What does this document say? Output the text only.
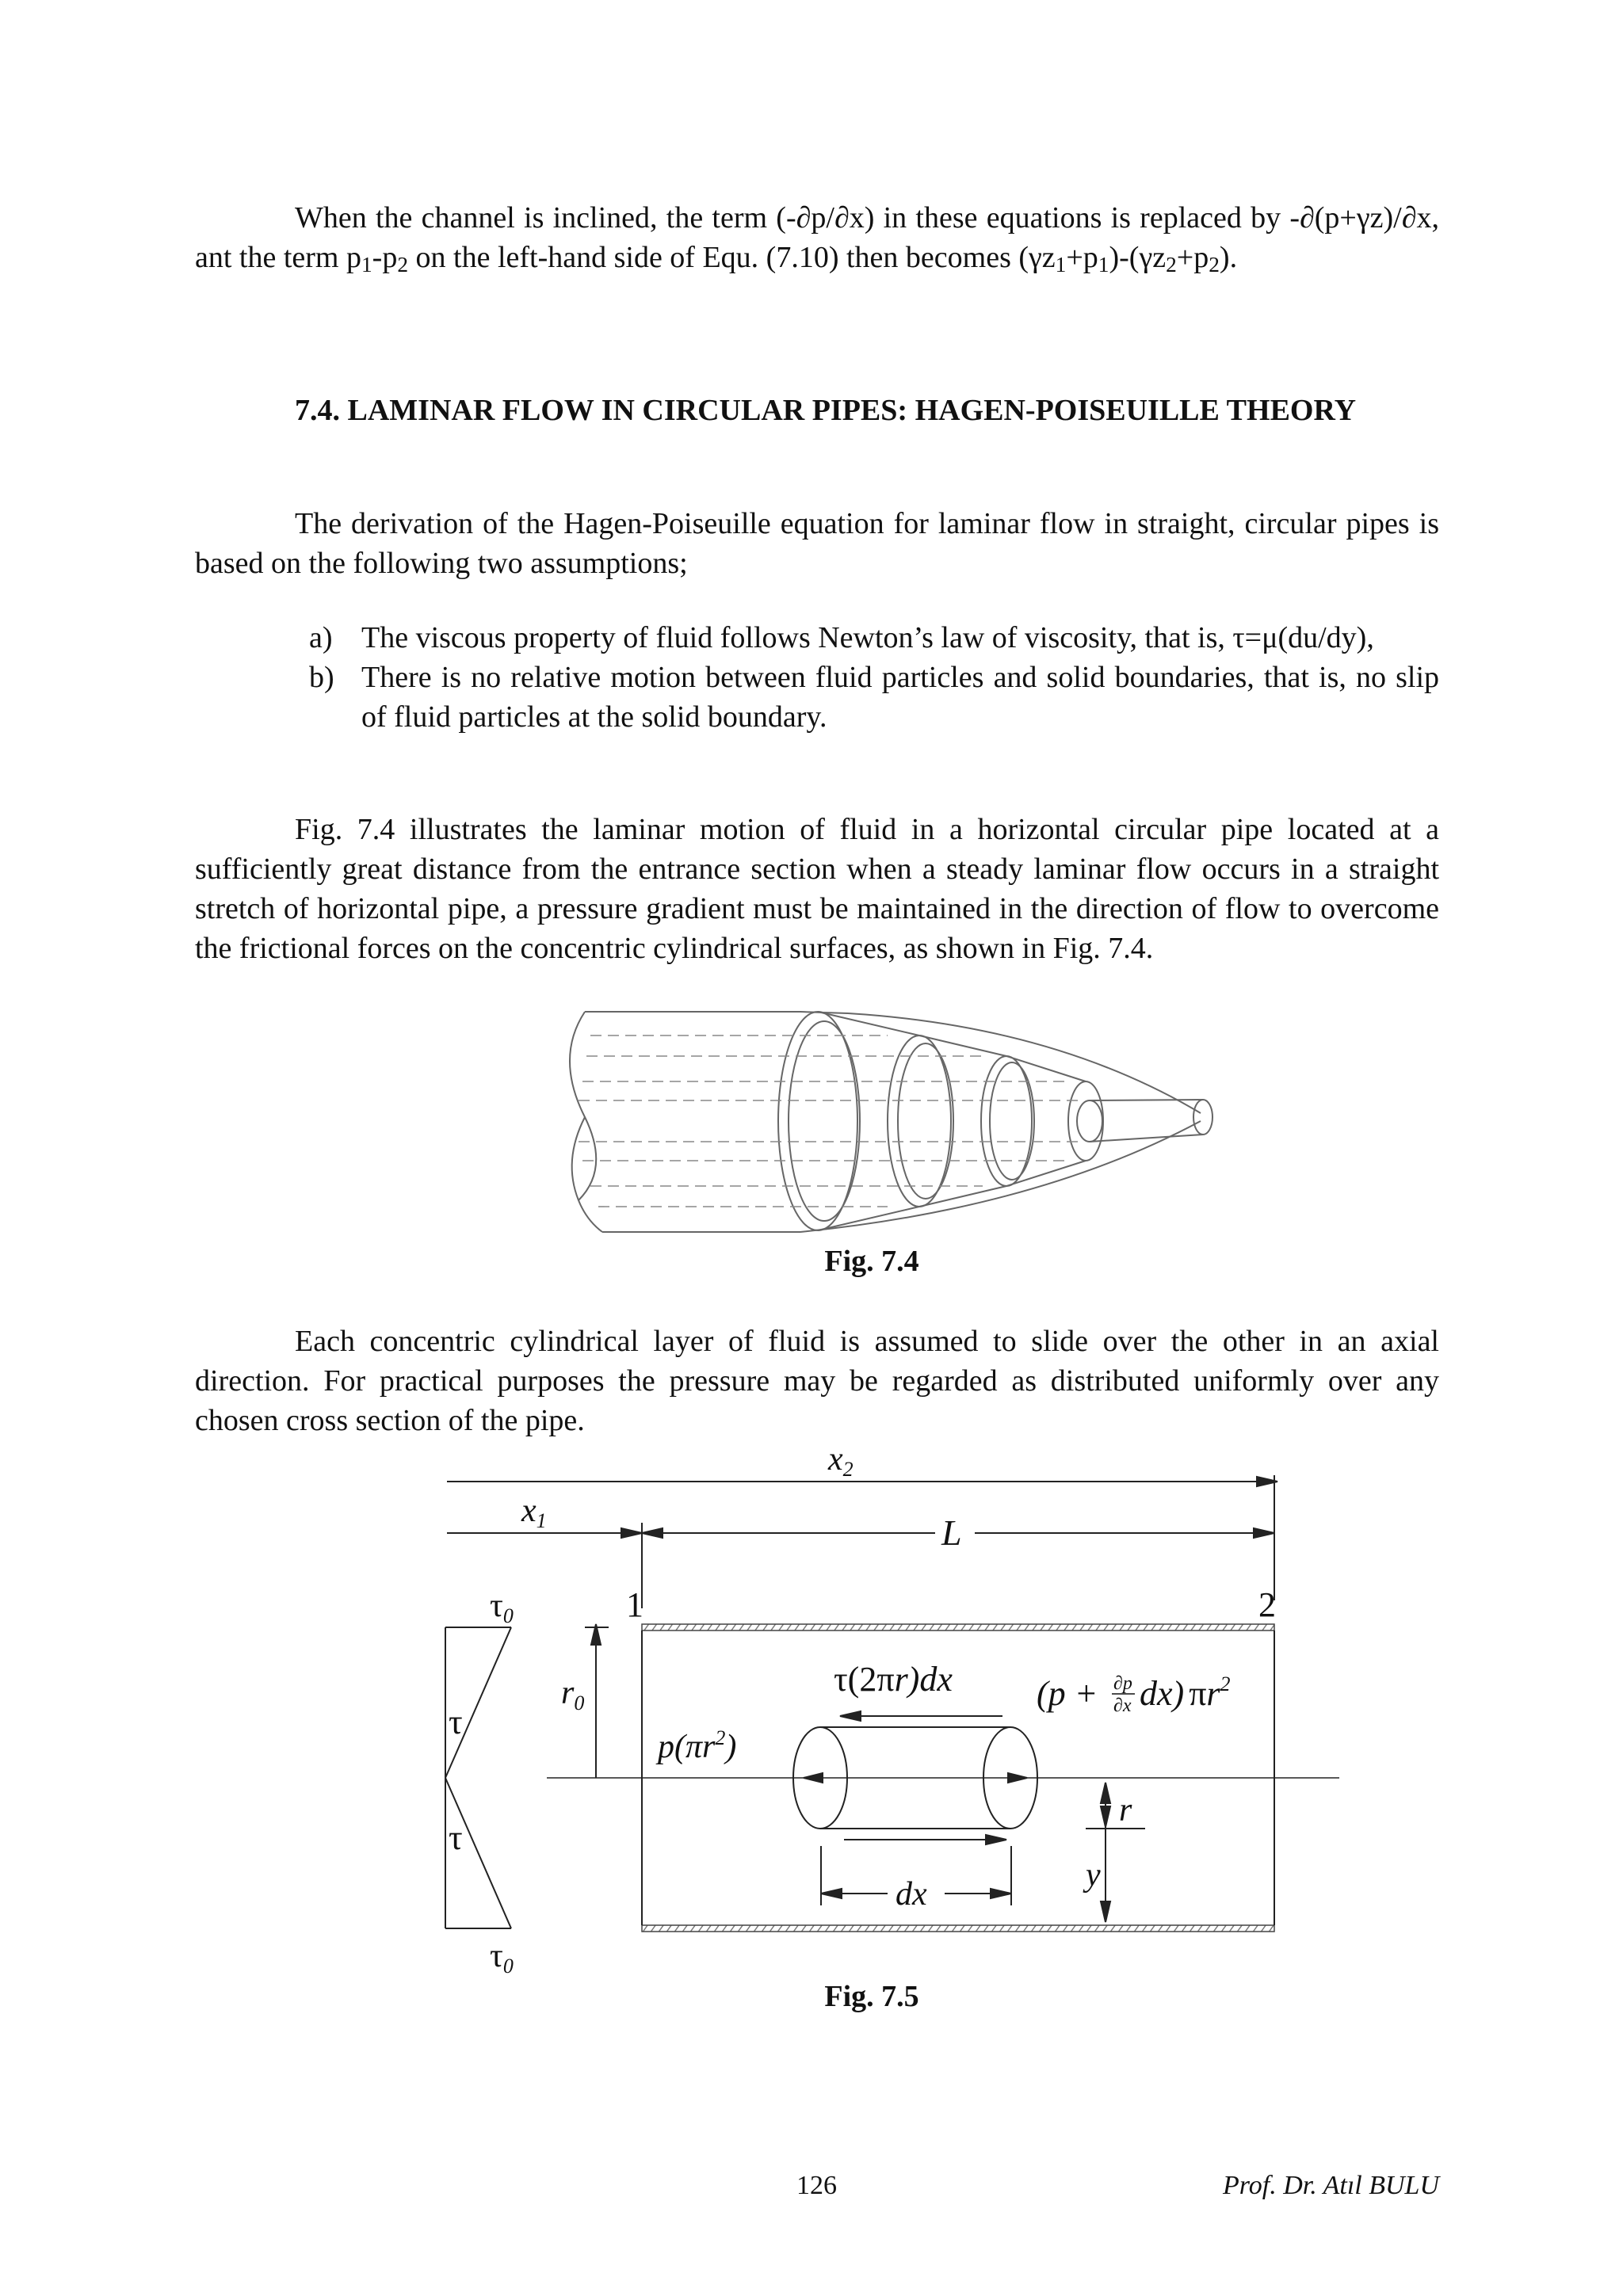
When the channel is inclined, the term (-∂p/∂x) in these equations is replaced by -∂(p+γz)/∂x, ant the term $p_1-p_2$ on the left-hand side of Equ. (7.10) then becomes $(\gamma z_1+p_1)-(\gamma z_2+p_2)$.
7.4. LAMINAR FLOW IN CIRCULAR PIPES: HAGEN-POISEUILLE THEORY
The derivation of the Hagen-Poiseuille equation for laminar flow in straight, circular pipes is based on the following two assumptions;
a) The viscous property of fluid follows Newton’s law of viscosity, that is, τ=μ(du/dy),
b) There is no relative motion between fluid particles and solid boundaries, that is, no slip of fluid particles at the solid boundary.
Fig. 7.4 illustrates the laminar motion of fluid in a horizontal circular pipe located at a sufficiently great distance from the entrance section when a steady laminar flow occurs in a straight stretch of horizontal pipe, a pressure gradient must be maintained in the direction of flow to overcome the frictional forces on the concentric cylindrical surfaces, as shown in Fig. 7.4.
Fig. 7.4
Each concentric cylindrical layer of fluid is assumed to slide over the other in an axial direction. For practical purposes the pressure may be regarded as distributed uniformly over any chosen cross section of the pipe.
x2
x1	L
1	2
τ0
τ0
τ
τ
r0
$p(\pi r^2)$
τ(2πr)dx (p + ∂p
∂x dx) $\pi r^2$
r
y
dx
Fig. 7.5
126	Prof. Dr. Atıl BULU
